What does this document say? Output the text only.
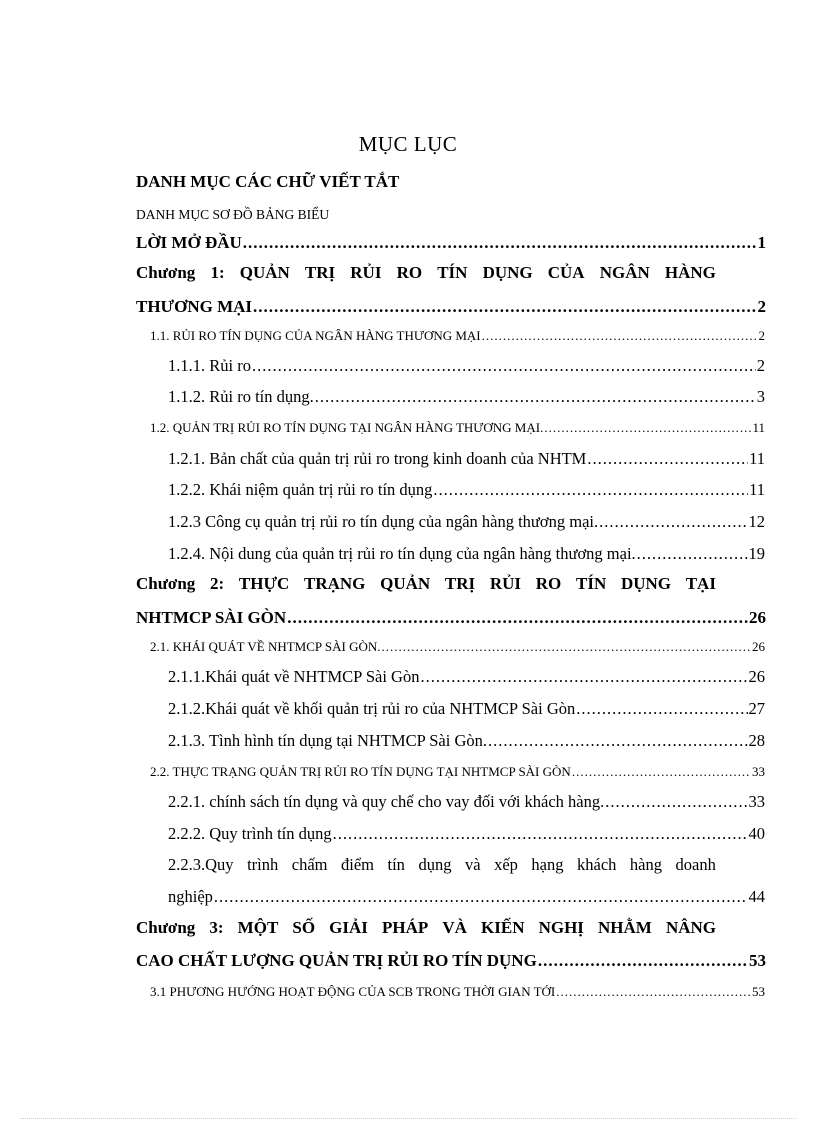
MỤC LỤC
DANH MỤC CÁC CHỮ VIẾT TẮT
DANH MỤC SƠ ĐỒ BẢNG BIỂU
LỜI MỞ ĐẦU .....	1
Chương 1: QUẢN TRỊ RỦI RO TÍN DỤNG CỦA NGÂN HÀNG
THƯƠNG MẠI .....	2
1.1. RỦI RO TÍN DỤNG CỦA NGÂN HÀNG THƯƠNG MẠI .....	2
1.1.1. Rủi ro .....	2
1.1.2. Rủi ro tín dụng. .....	3
1.2. QUẢN TRỊ RỦI RO TÍN DỤNG TẠI NGÂN HÀNG THƯƠNG MẠI. .....	11
1.2.1. Bản chất của quản trị rủi ro trong kinh doanh của NHTM .....	11
1.2.2. Khái niệm quản trị rủi ro tín dụng .....	11
1.2.3 Công cụ quản trị rủi ro tín dụng của ngân hàng thương mại. .....	12
1.2.4. Nội dung của quản trị rủi ro tín dụng của ngân hàng thương mại. .....	19
Chương 2: THỰC TRẠNG QUẢN TRỊ RỦI RO TÍN DỤNG TẠI
NHTMCP SÀI GÒN .....	26
2.1. KHÁI QUÁT VỀ NHTMCP SÀI GÒN. .....	26
2.1.1.Khái quát về NHTMCP Sài Gòn .....	26
2.1.2.Khái quát về khối quản trị rủi ro của NHTMCP Sài Gòn .....	27
2.1.3. Tình hình tín dụng tại NHTMCP Sài Gòn. .....	28
2.2. THỰC TRẠNG QUẢN TRỊ RỦI RO TÍN DỤNG TẠI NHTMCP SÀI GÒN .....	33
2.2.1. chính sách tín dụng và quy chế cho vay đối với khách hàng. .....	33
2.2.2. Quy trình tín dụng .....	40
2.2.3.Quy trình chấm điểm tín dụng và xếp hạng khách hàng doanh
nghiệp .....	44
Chương 3: MỘT SỐ GIẢI PHÁP VÀ KIẾN NGHỊ NHẰM NÂNG
CAO CHẤT LƯỢNG QUẢN TRỊ RỦI RO TÍN DỤNG .....	53
3.1 PHƯƠNG HƯỚNG HOẠT ĐỘNG CỦA SCB TRONG THỜI GIAN TỚI .....	53
